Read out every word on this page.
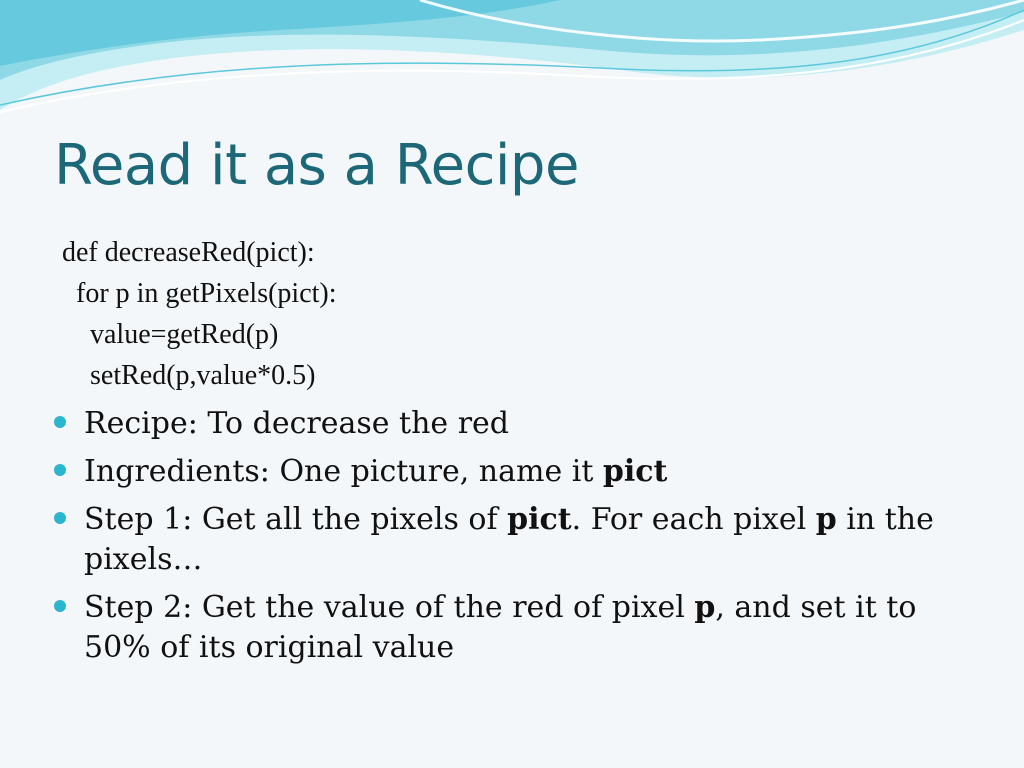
Read it as a Recipe
def decreaseRed(pict):
for p in getPixels(pict):
value=getRed(p)
setRed(p,value*0.5)
Recipe: To decrease the red
Ingredients: One picture, name it pict
Step 1: Get all the pixels of pict. For each pixel p in the pixels…
Step 2: Get the value of the red of pixel p, and set it to 50% of its original value
